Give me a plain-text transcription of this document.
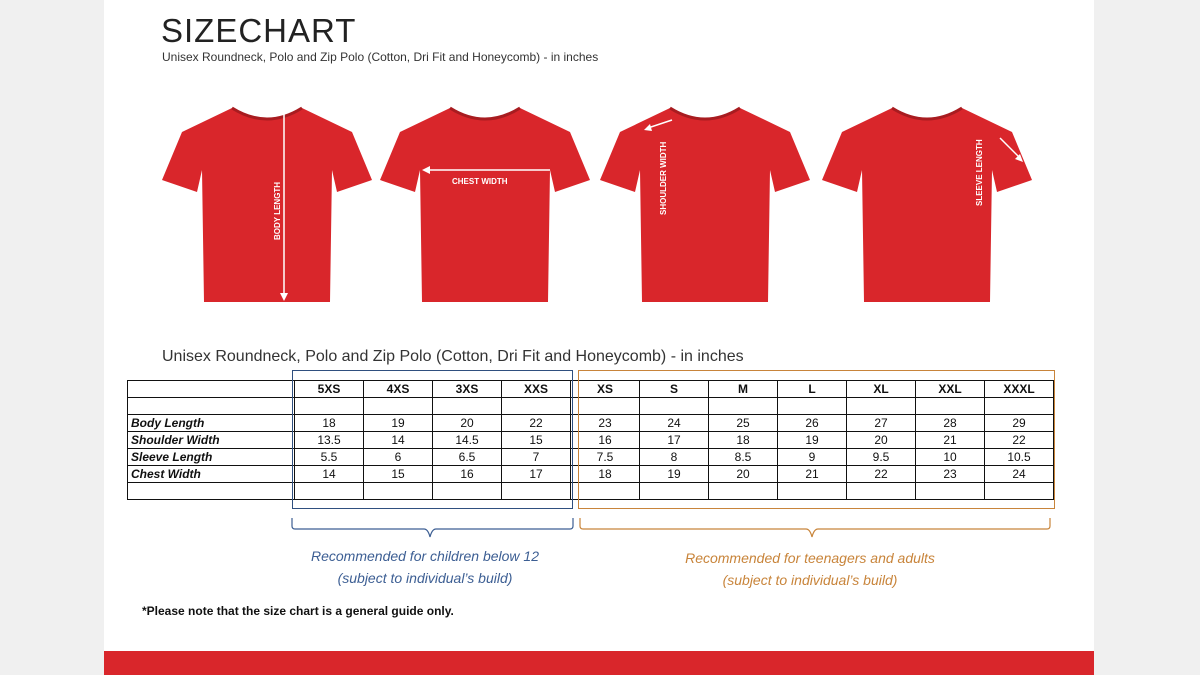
SIZECHART
Unisex Roundneck, Polo and Zip Polo (Cotton, Dri Fit and Honeycomb) - in inches
BODY LENGTH
CHEST WIDTH	SHOULDER WIDTH	SLEEVE LENGTH
Unisex Roundneck, Polo and Zip Polo (Cotton, Dri Fit and Honeycomb) - in inches
	5XS	4XS	3XS	XXS	XS	S	M	L	XL	XXL	XXXL

Body Length	18	19	20	22	23	24	25	26	27	28	29
Shoulder Width	13.5	14	14.5	15	16	17	18	19	20	21	22
Sleeve Length	5.5	6	6.5	7	7.5	8	8.5	9	9.5	10	10.5
Chest Width	14	15	16	17	18	19	20	21	22	23	24

Recommended for children below 12
(subject to individual’s build)
Recommended for teenagers and adults
(subject to individual’s build)
*Please note that the size chart is a general guide only.
